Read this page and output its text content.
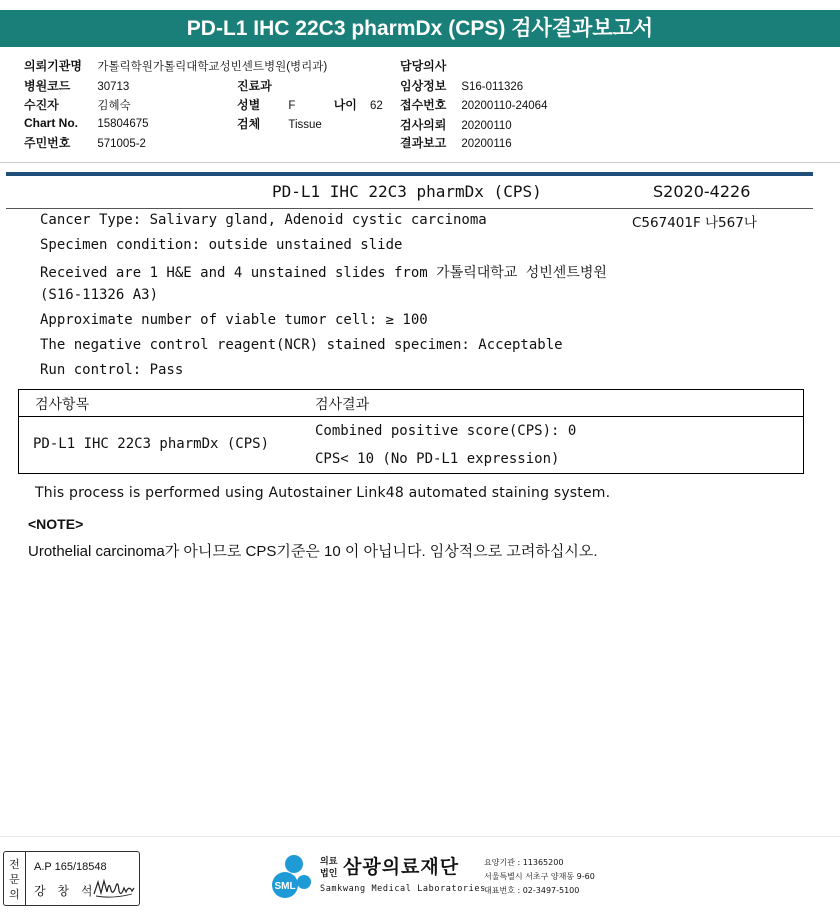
PD-L1 IHC 22C3 pharmDx (CPS) 검사결과보고서
의뢰기관명 가톨릭학원가톨릭대학교성빈센트병원(병리과)	담당의사
병원코드 30713	진료과	임상정보 S16-011326
수진자	김혜숙	성별 F	나이 62 접수번호 20200110-24064
Chart No. 15804675	검체 Tissue	검사의뢰 20200110
주민번호 571005-2	결과보고 20200116
PD-L1 IHC 22C3 pharmDx (CPS)	S2020-4226
C567401F 나567나
Cancer Type: Salivary gland, Adenoid cystic carcinoma
Specimen condition: outside unstained slide
Received are 1 H&E and 4 unstained slides from 가톨릭대학교 성빈센트병원
(S16-11326 A3)
Approximate number of viable tumor cell: ≥ 100
The negative control reagent(NCR) stained specimen: Acceptable
Run control: Pass
검사항목	검사결과
PD-L1 IHC 22C3 pharmDx (CPS)
Combined positive score(CPS): 0
CPS< 10 (No PD-L1 expression)
This process is performed using Autostainer Link48 automated staining system.
<NOTE>
Urothelial carcinoma가 아니므로 CPS기준은 10 이 아닙니다. 임상적으로 고려하십시오.
전
문
의
A.P 165/18548
강 창 석	SML
의료
법인 삼광의료재단
Samkwang Medical Laboratories
요양기관 : 11365200
서울특별시 서초구 양재동 9-60
대표번호 : 02-3497-5100
